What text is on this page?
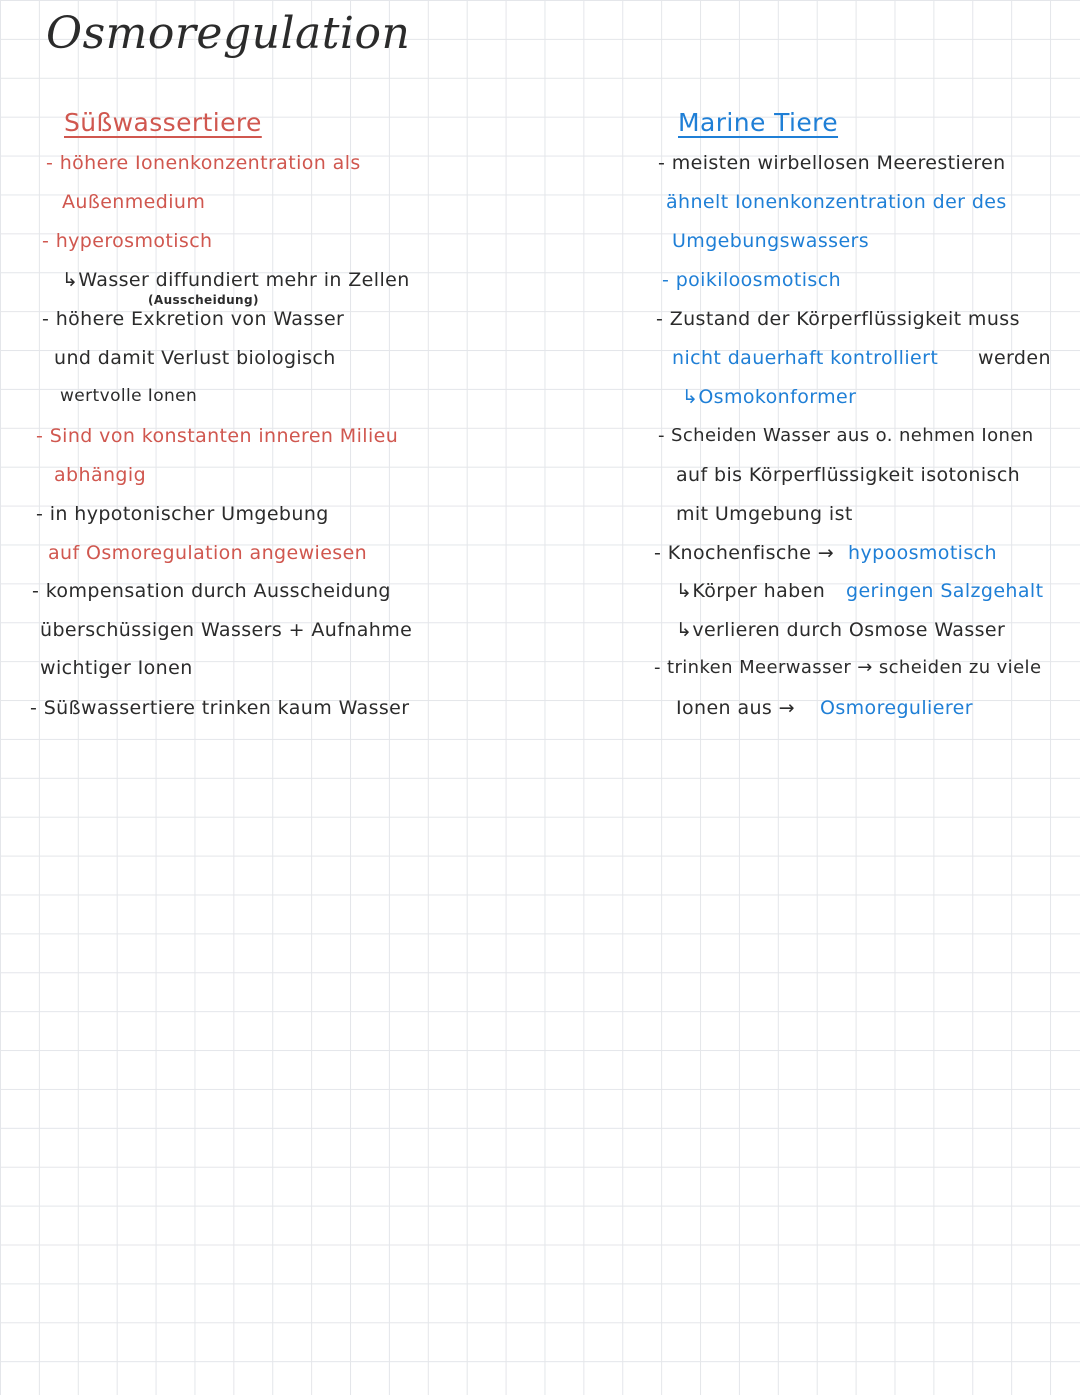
Osmoregulation
Süßwassertiere
- höhere Ionenkonzentration als
Außenmedium
- hyperosmotisch
↳Wasser diffundiert mehr in Zellen
(Ausscheidung)
- höhere Exkretion von Wasser
und damit Verlust biologisch
wertvolle Ionen
- Sind von konstanten inneren Milieu
abhängig
- in hypotonischer Umgebung
auf Osmoregulation angewiesen
- kompensation durch Ausscheidung
überschüssigen Wassers + Aufnahme
wichtiger Ionen
- Süßwassertiere trinken kaum Wasser
Marine Tiere
- meisten wirbellosen Meerestieren
ähnelt Ionenkonzentration der des
Umgebungswassers
- poikiloosmotisch
- Zustand der Körperflüssigkeit muss
nicht dauerhaft kontrolliert werden
↳Osmokonformer
- Scheiden Wasser aus o. nehmen Ionen
auf bis Körperflüssigkeit isotonisch
mit Umgebung ist
- Knochenfische → hypoosmotisch
↳Körper haben geringen Salzgehalt
↳verlieren durch Osmose Wasser
- trinken Meerwasser → scheiden zu viele
Ionen aus → Osmoregulierer
